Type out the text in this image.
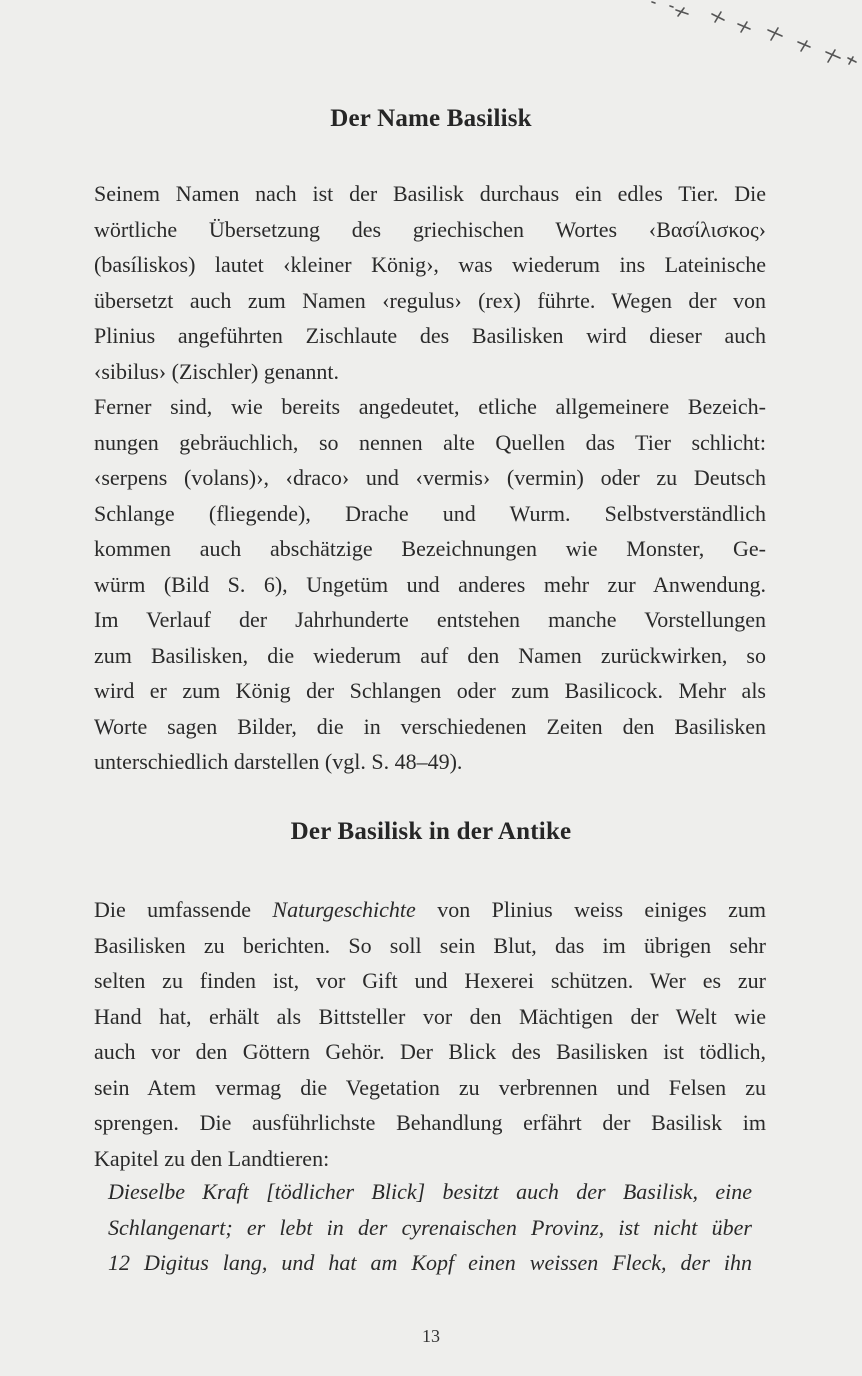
Der Name Basilisk
Seinem Namen nach ist der Basilisk durchaus ein edles Tier. Die
wörtliche Übersetzung des griechischen Wortes ‹Βασίλισκος›
(basíliskos) lautet ‹kleiner König›, was wiederum ins Lateinische
übersetzt auch zum Namen ‹regulus› (rex) führte. Wegen der von
Plinius angeführten Zischlaute des Basilisken wird dieser auch
‹sibilus› (Zischler) genannt.
Ferner sind, wie bereits angedeutet, etliche allgemeinere Bezeich-
nungen gebräuchlich, so nennen alte Quellen das Tier schlicht:
‹serpens (volans)›, ‹draco› und ‹vermis› (vermin) oder zu Deutsch
Schlange (fliegende), Drache und Wurm. Selbstverständlich
kommen auch abschätzige Bezeichnungen wie Monster, Ge-
würm (Bild S. 6), Ungetüm und anderes mehr zur Anwendung.
Im Verlauf der Jahrhunderte entstehen manche Vorstellungen
zum Basilisken, die wiederum auf den Namen zurückwirken, so
wird er zum König der Schlangen oder zum Basilicock. Mehr als
Worte sagen Bilder, die in verschiedenen Zeiten den Basilisken
unterschiedlich darstellen (vgl. S. 48–49).
Der Basilisk in der Antike
Die umfassende Naturgeschichte von Plinius weiss einiges zum
Basilisken zu berichten. So soll sein Blut, das im übrigen sehr
selten zu finden ist, vor Gift und Hexerei schützen. Wer es zur
Hand hat, erhält als Bittsteller vor den Mächtigen der Welt wie
auch vor den Göttern Gehör. Der Blick des Basilisken ist tödlich,
sein Atem vermag die Vegetation zu verbrennen und Felsen zu
sprengen. Die ausführlichste Behandlung erfährt der Basilisk im
Kapitel zu den Landtieren:
Dieselbe Kraft [tödlicher Blick] besitzt auch der Basilisk, eine
Schlangenart; er lebt in der cyrenaischen Provinz, ist nicht über
12 Digitus lang, und hat am Kopf einen weissen Fleck, der ihn
13
